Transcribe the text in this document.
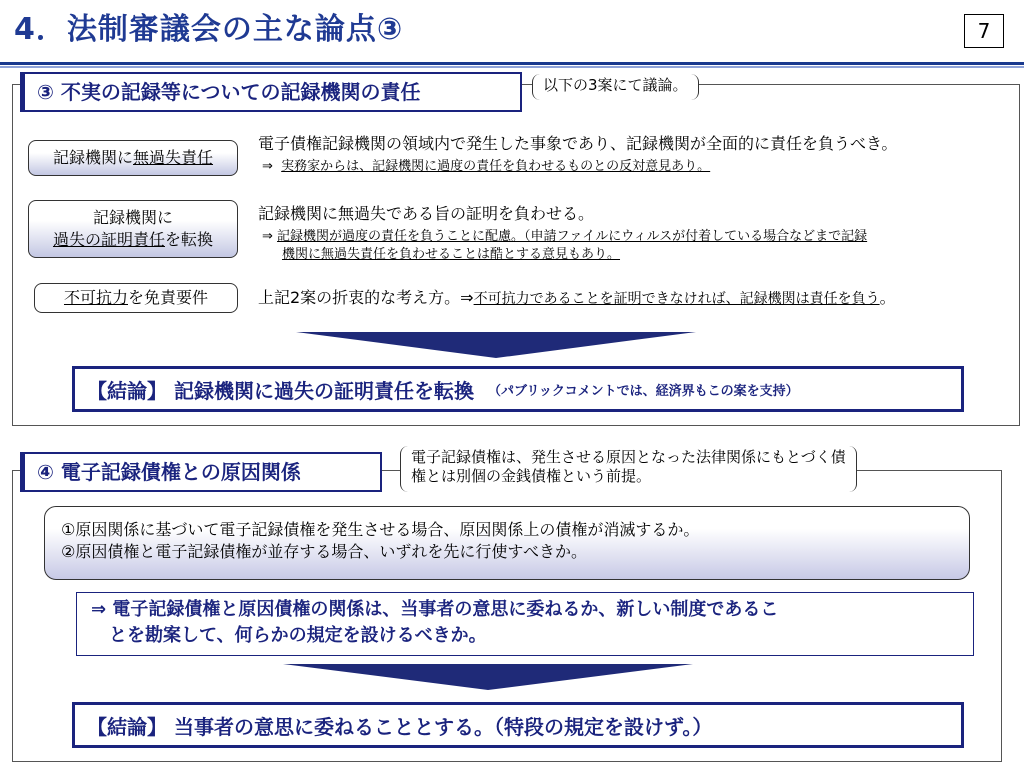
4．法制審議会の主な論点③	7
③ 不実の記録等についての記録機関の責任	以下の3案にて議論。
記録機関に無過失責任
電子債権記録機関の領域内で発生した事象であり、記録機関が全面的に責任を負うべき。
⇒ 実務家からは、記録機関に過度の責任を負わせるものとの反対意見あり。
記録機関に
過失の証明責任を転換
記録機関に無過失である旨の証明を負わせる。
⇒ 記録機関が過度の責任を負うことに配慮。（申請ファイルにウィルスが付着している場合などまで記録
機関に無過失責任を負わせることは酷とする意見もあり。
不可抗力を免責要件	上記2案の折衷的な考え方。⇒不可抗力であることを証明できなければ、記録機関は責任を負う。
【結論】 記録機関に過失の証明責任を転換 （パブリックコメントでは、経済界もこの案を支持）
④ 電子記録債権との原因関係
電子記録債権は、発生させる原因となった法律関係にもとづく債
権とは別個の金銭債権という前提。
①原因関係に基づいて電子記録債権を発生させる場合、原因関係上の債権が消滅するか。
②原因債権と電子記録債権が並存する場合、いずれを先に行使すべきか。
⇒ 電子記録債権と原因債権の関係は、当事者の意思に委ねるか、新しい制度であるこ
とを勘案して、何らかの規定を設けるべきか。
【結論】 当事者の意思に委ねることとする。（特段の規定を設けず。）
